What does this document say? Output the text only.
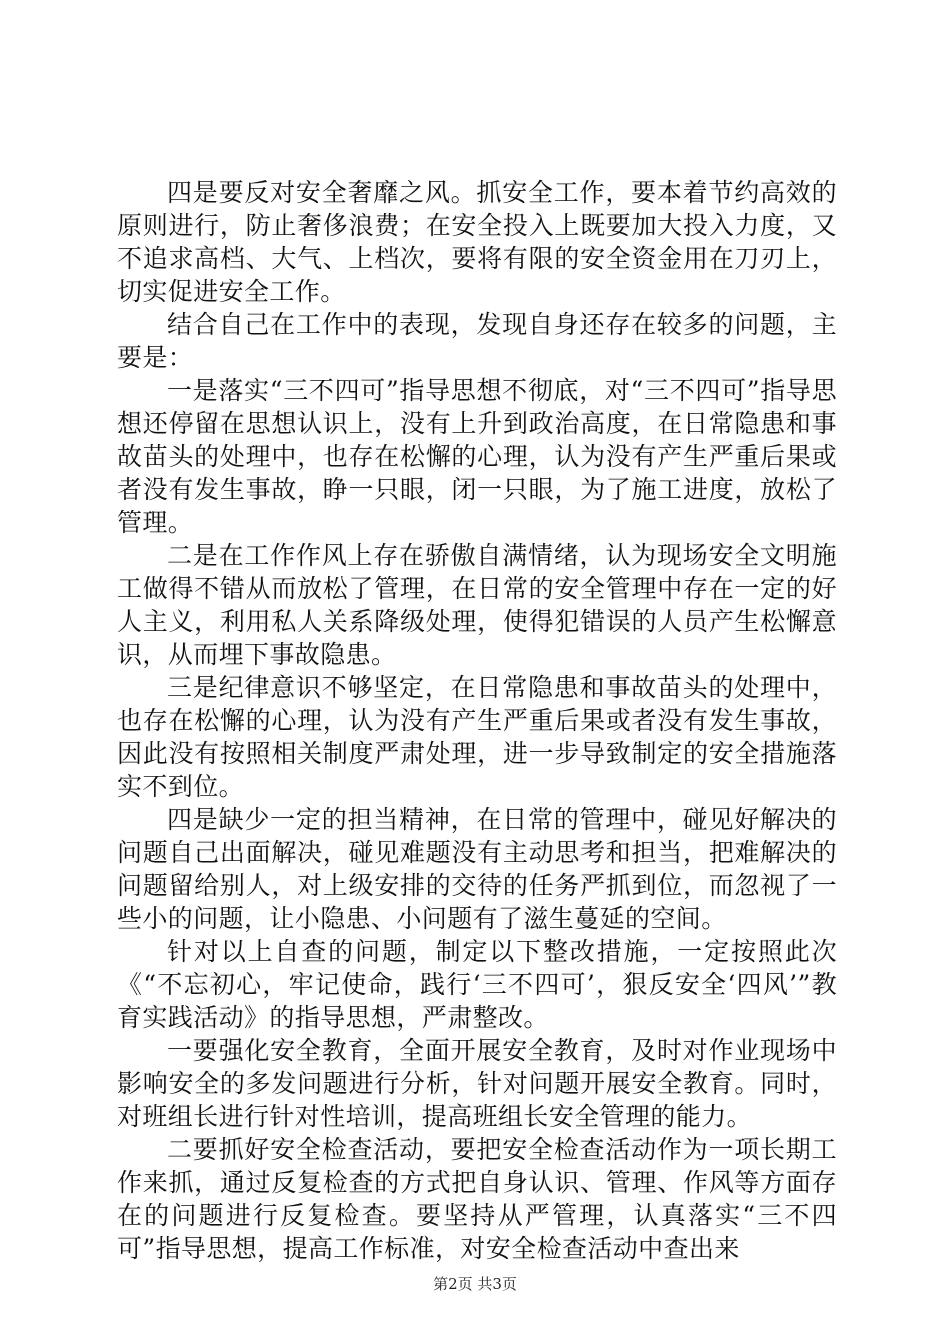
四是要反对安全奢靡之风。抓安全工作，要本着节约高效的原则进行，防止奢侈浪费；在安全投入上既要加大投入力度，又不追求高档、大气、上档次，要将有限的安全资金用在刀刃上，切实促进安全工作。

结合自己在工作中的表现，发现自身还存在较多的问题，主要是：

一是落实“三不四可”指导思想不彻底，对“三不四可”指导思想还停留在思想认识上，没有上升到政治高度，在日常隐患和事故苗头的处理中，也存在松懈的心理，认为没有产生严重后果或者没有发生事故，睁一只眼，闭一只眼，为了施工进度，放松了管理。

二是在工作作风上存在骄傲自满情绪，认为现场安全文明施工做得不错从而放松了管理，在日常的安全管理中存在一定的好人主义，利用私人关系降级处理，使得犯错误的人员产生松懈意识，从而埋下事故隐患。

三是纪律意识不够坚定，在日常隐患和事故苗头的处理中，也存在松懈的心理，认为没有产生严重后果或者没有发生事故，因此没有按照相关制度严肃处理，进一步导致制定的安全措施落实不到位。

四是缺少一定的担当精神，在日常的管理中，碰见好解决的问题自己出面解决，碰见难题没有主动思考和担当，把难解决的问题留给别人，对上级安排的交待的任务严抓到位，而忽视了一些小的问题，让小隐患、小问题有了滋生蔓延的空间。

针对以上自查的问题，制定以下整改措施，一定按照此次《“不忘初心，牢记使命，践行‘三不四可’，狠反安全‘四风’”教育实践活动》的指导思想，严肃整改。

一要强化安全教育，全面开展安全教育，及时对作业现场中影响安全的多发问题进行分析，针对问题开展安全教育。同时，对班组长进行针对性培训，提高班组长安全管理的能力。

二要抓好安全检查活动，要把安全检查活动作为一项长期工作来抓，通过反复检查的方式把自身认识、管理、作风等方面存在的问题进行反复检查。要坚持从严管理，认真落实“三不四可”指导思想，提高工作标准，对安全检查活动中查出来

第2页 共3页
